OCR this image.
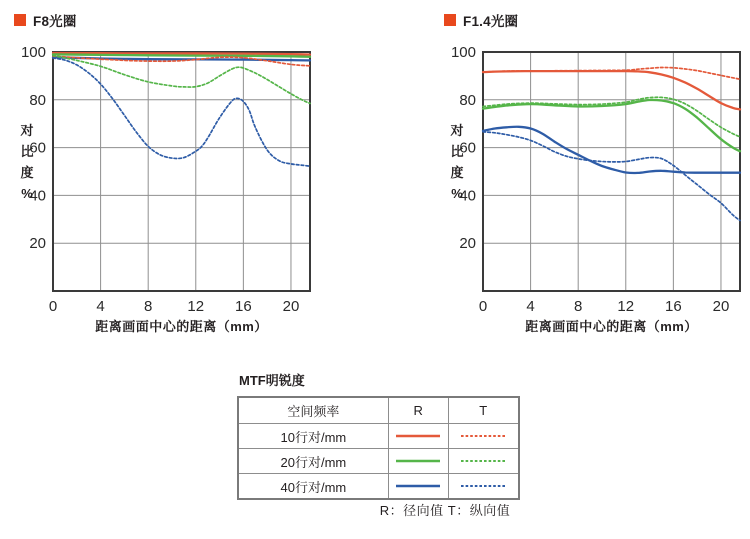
F8光圈
对
比
度
%
0	4	8 12 16 20
100
80
60
40
20
距离画面中心的距离（mm）
F1.4光圈
对
比
度
%
0	4	8 12 16 20
100
80
60
40
20
距离画面中心的距离（mm）
MTF明锐度
空间频率	R	T
10行对/mm	

20行对/mm	

40行对/mm	

R：径向值 T：纵向值
